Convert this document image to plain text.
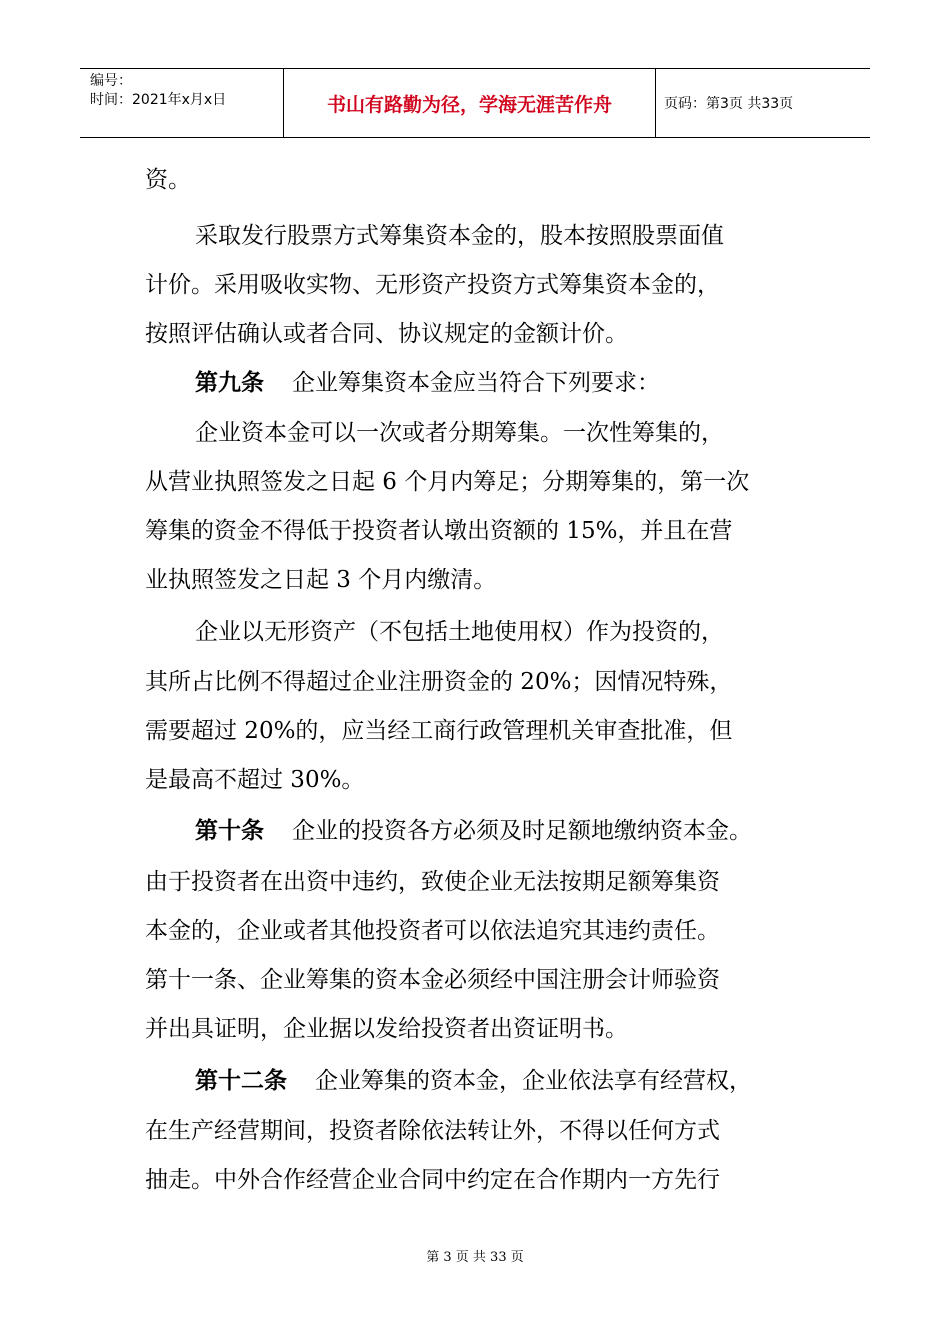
编号：
时间：2021年x月x日	书山有路勤为径，学海无涯苦作舟	页码：第3页 共33页
资。
采取发行股票方式筹集资本金的，股本按照股票面值
计价。采用吸收实物、无形资产投资方式筹集资本金的，
按照评估确认或者合同、协议规定的金额计价。
第九条 企业筹集资本金应当符合下列要求：
企业资本金可以一次或者分期筹集。一次性筹集的，
从营业执照签发之日起 6 个月内筹足；分期筹集的，第一次
筹集的资金不得低于投资者认墩出资额的 15%，并且在营
业执照签发之日起 3 个月内缴清。
企业以无形资产（不包括土地使用权）作为投资的，
其所占比例不得超过企业注册资金的 20%；因情况特殊，
需要超过 20%的，应当经工商行政管理机关审查批准，但
是最高不超过 30%。
第十条 企业的投资各方必须及时足额地缴纳资本金。
由于投资者在出资中违约，致使企业无法按期足额筹集资
本金的，企业或者其他投资者可以依法追究其违约责任。
第十一条、企业筹集的资本金必须经中国注册会计师验资
并出具证明，企业据以发给投资者出资证明书。
第十二条 企业筹集的资本金，企业依法享有经营权，
在生产经营期间，投资者除依法转让外，不得以任何方式
抽走。中外合作经营企业合同中约定在合作期内一方先行
第 3 页 共 33 页
